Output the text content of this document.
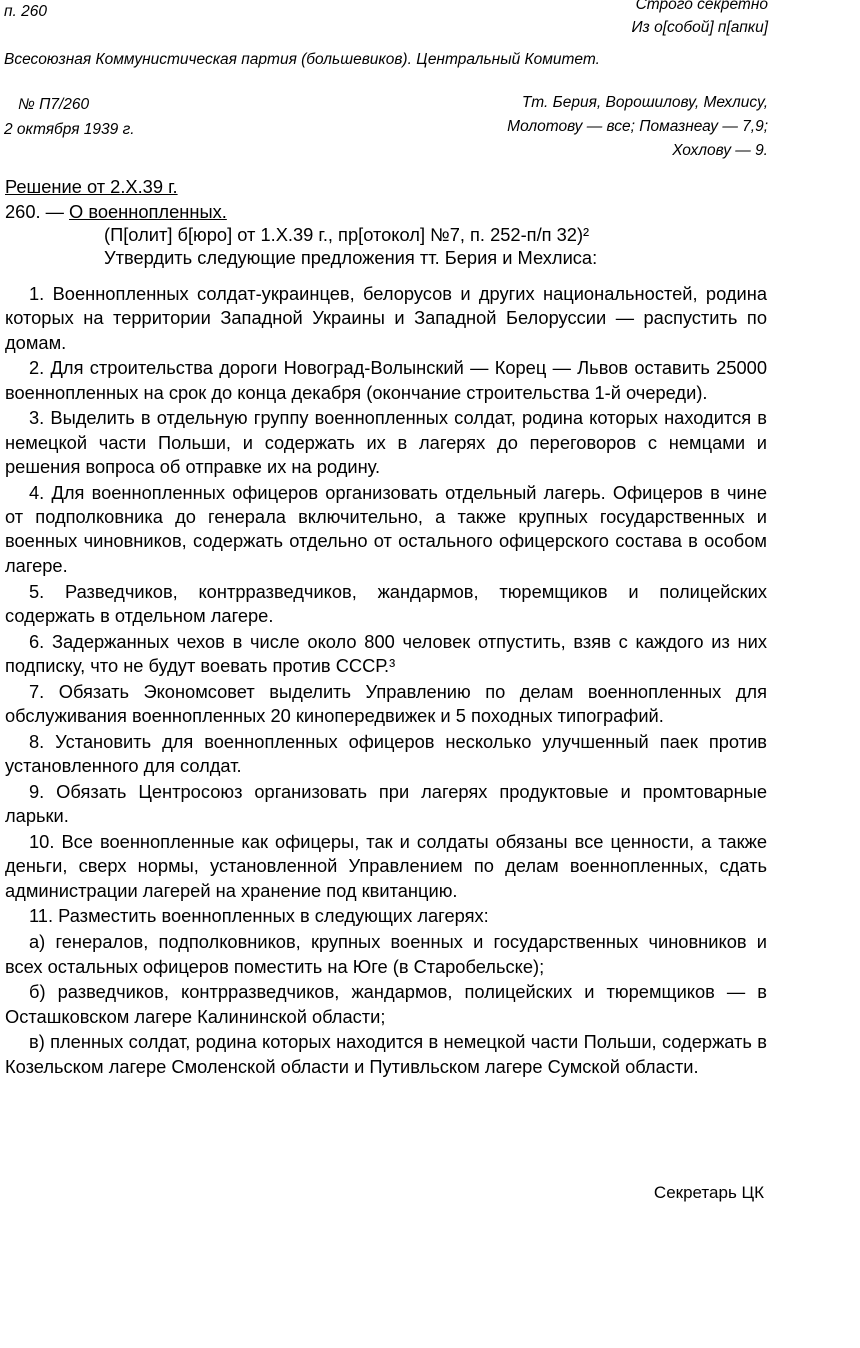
п. 260	Строго секретно
Из о[собой] п[апки]
Всесоюзная Коммунистическая партия (большевиков). Центральный Комитет.
№ П7/260
2 октября 1939 г.
Тт. Берия, Ворошилову, Мехлису,
Молотову — все; Помазнеау — 7,9;
Хохлову — 9.
Решение от 2.X.39 г.
260. — О военнопленных.
(П[олит] б[юро] от 1.X.39 г., пр[отокол] №7, п. 252-п/п 32)²
Утвердить следующие предложения тт. Берия и Мехлиса:

1. Военнопленных солдат-украинцев, белорусов и других национальностей, родина которых на территории Западной Украины и Западной Белоруссии — распустить по домам.

2. Для строительства дороги Новоград-Волынский — Корец — Львов оставить 25000 военнопленных на срок до конца декабря (окончание строительства 1-й очереди).

3. Выделить в отдельную группу военнопленных солдат, родина которых находится в немецкой части Польши, и содержать их в лагерях до переговоров с немцами и решения вопроса об отправке их на родину.

4. Для военнопленных офицеров организовать отдельный лагерь. Офицеров в чине от подполковника до генерала включительно, а также крупных государственных и военных чиновников, содержать отдельно от остального офицерского состава в особом лагере.

5. Разведчиков, контрразведчиков, жандармов, тюремщиков и полицейских содержать в отдельном лагере.

6. Задержанных чехов в числе около 800 человек отпустить, взяв с каждого из них подписку, что не будут воевать против СССР.³

7. Обязать Экономсовет выделить Управлению по делам военнопленных для обслуживания военнопленных 20 кинопередвижек и 5 походных типографий.

8. Установить для военнопленных офицеров несколько улучшенный паек против установленного для солдат.

9. Обязать Центросоюз организовать при лагерях продуктовые и промтоварные ларьки.

10. Все военнопленные как офицеры, так и солдаты обязаны все ценности, а также деньги, сверх нормы, установленной Управлением по делам военнопленных, сдать администрации лагерей на хранение под квитанцию.

11. Разместить военнопленных в следующих лагерях:

а) генералов, подполковников, крупных военных и государственных чиновников и всех остальных офицеров поместить на Юге (в Старобельске);

б) разведчиков, контрразведчиков, жандармов, полицейских и тюремщиков — в Осташковском лагере Калининской области;

в) пленных солдат, родина которых находится в немецкой части Польши, содержать в Козельском лагере Смоленской области и Путивльском лагере Сумской области.

Секретарь ЦК
